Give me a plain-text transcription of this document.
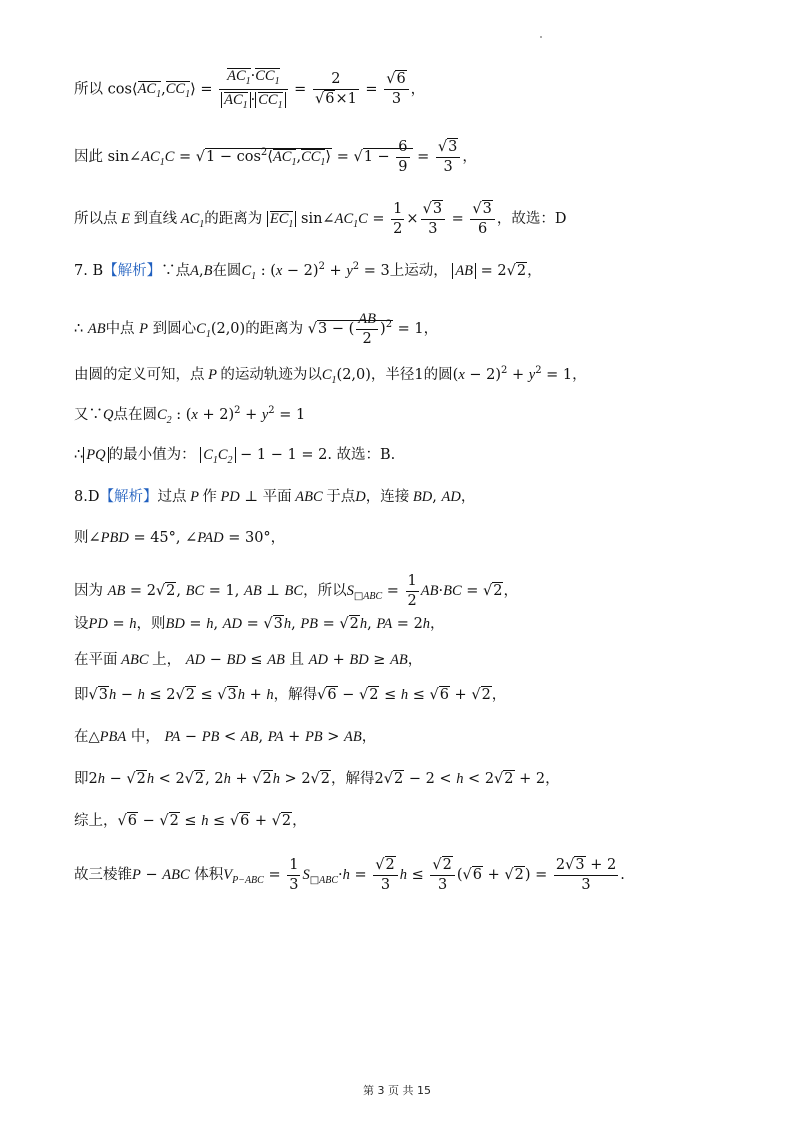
所以 $\cos⟨AC_1,CC_1⟩ = \frac{AC_1\cdot CC_1}{AC_1 \cdot CC_1} = \frac{2}{√6\times 1} = \frac{√6}{3}$ ，
因此 $\sin\angle AC_1C = √1$ − $\cos^2⟨AC_1,CC_1⟩ = √1 - \frac{6}{9} = \frac{√3}{3}$ ，
所以点 E 到直线 $AC_1$的距离为 $EC_1$ $\sin\angle AC_1C = \frac{1}{2} \times \frac{√3}{3} = \frac{√3}{6}$ ，故选：D
7. B【解析】∵点A,B在圆$C_1$ : $(x - 2)^2 + y^2 = 3$上运动， AB = 2√2，
∴ AB中点 P 到圆心$C_1(2,0)$的距离为 √3 − ( $\frac{AB}{2} )^2 = 1$，
由圆的定义可知，点 P 的运动轨迹为以$C_1(2,0)$，半径1的圆$(x - 2)^2 + y^2 = 1$，
又∵Q点在圆$C_2$ : $(x + 2)^2 + y^2 = 1$
∴ PQ 的最小值为： $C_1C_2 - 1 - 1 = 2$. 故选：B.
8.D【解析】过点 P 作 PD ⊥ 平面 ABC 于点D，连接 BD, AD，
则∠PBD = 45°, ∠PAD = 30°，
因为 AB = 2√2, BC = 1, AB ⊥ BC，所以$S_{□ABC} = \frac{1}{2} AB\cdot BC = √2$，
设PD = h，则BD = h, AD = √3h, PB = √2h, PA = 2h，
在平面 ABC 上， AD − BD ≤ AB 且 AD + BD ≥ AB，
即√3h − h ≤ 2√2 ≤ √3h + h，解得√6 − √2 ≤ h ≤ √6 + √2，
在△PBA 中， PA − PB < AB, PA + PB > AB，
即2h − √2h < 2√2, 2h + √2h > 2√2，解得2√2 − 2 < h < 2√2 + 2，
综上，√6 − √2 ≤ h ≤ √6 + √2，
故三棱锥P − ABC 体积$V_{P-ABC} = \frac{1}{3} S_{□ABC}\cdot h = \frac{√2}{3}$ $h \le \frac{√2}{3} (√6 + √2) = \frac{2√3 + 2}{3}$ .
第 3 页 共 15
